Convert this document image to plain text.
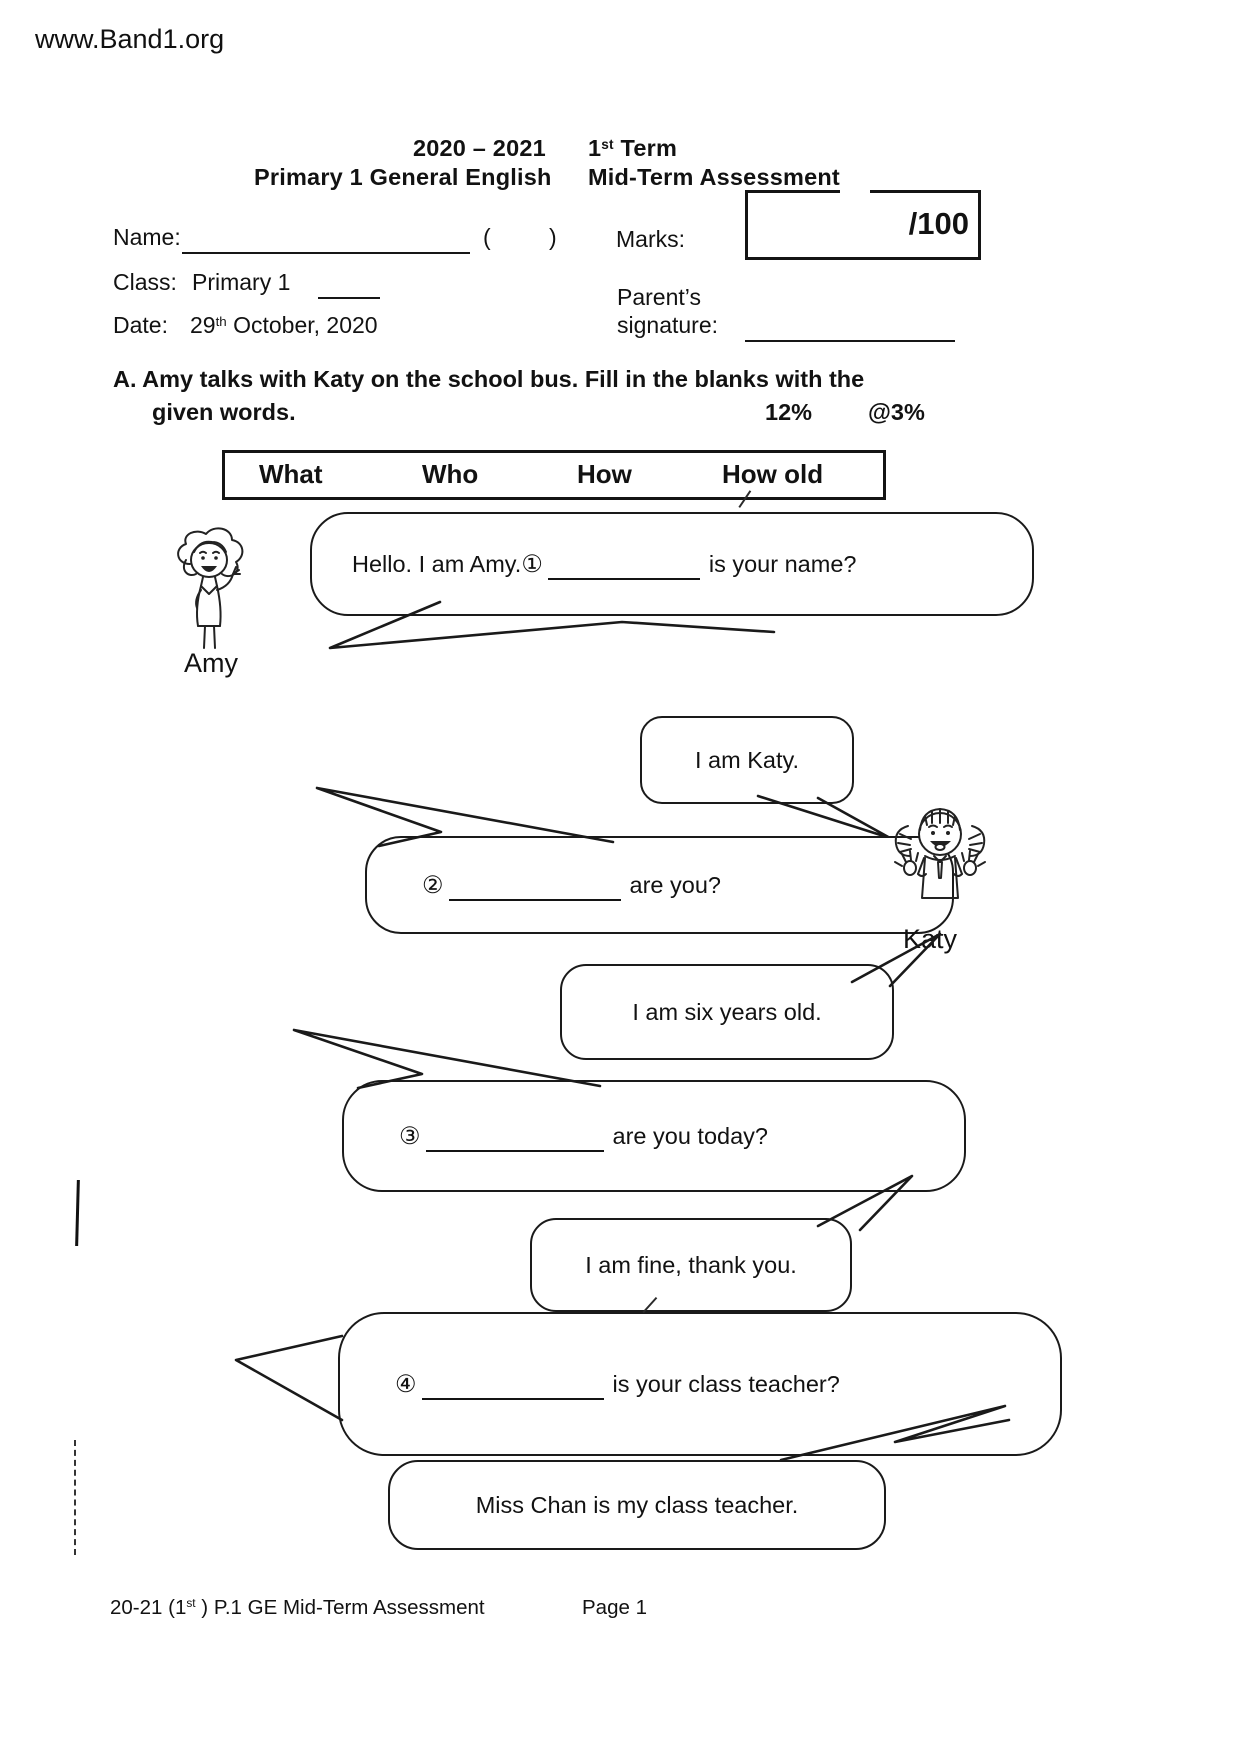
www.Band1.org
2020 – 2021 1st Term
Primary 1 General English Mid-Term Assessment
/100
Name:	(	)	Marks:
Class: Primary 1
Parent’s
signature:
Date: 29th October, 2020
A. Amy talks with Katy on the school bus. Fill in the blanks with the
given words.	12% @3%
What	Who	How	How old
Amy
Hello. I am Amy. ①	is your name?
I am Katy.
②	are you?
Katy
I am six years old.
③	are you today?
I am fine, thank you.
④	is your class teacher?
Miss Chan is my class teacher.
20-21 (1st ) P.1 GE Mid-Term Assessment	Page 1
